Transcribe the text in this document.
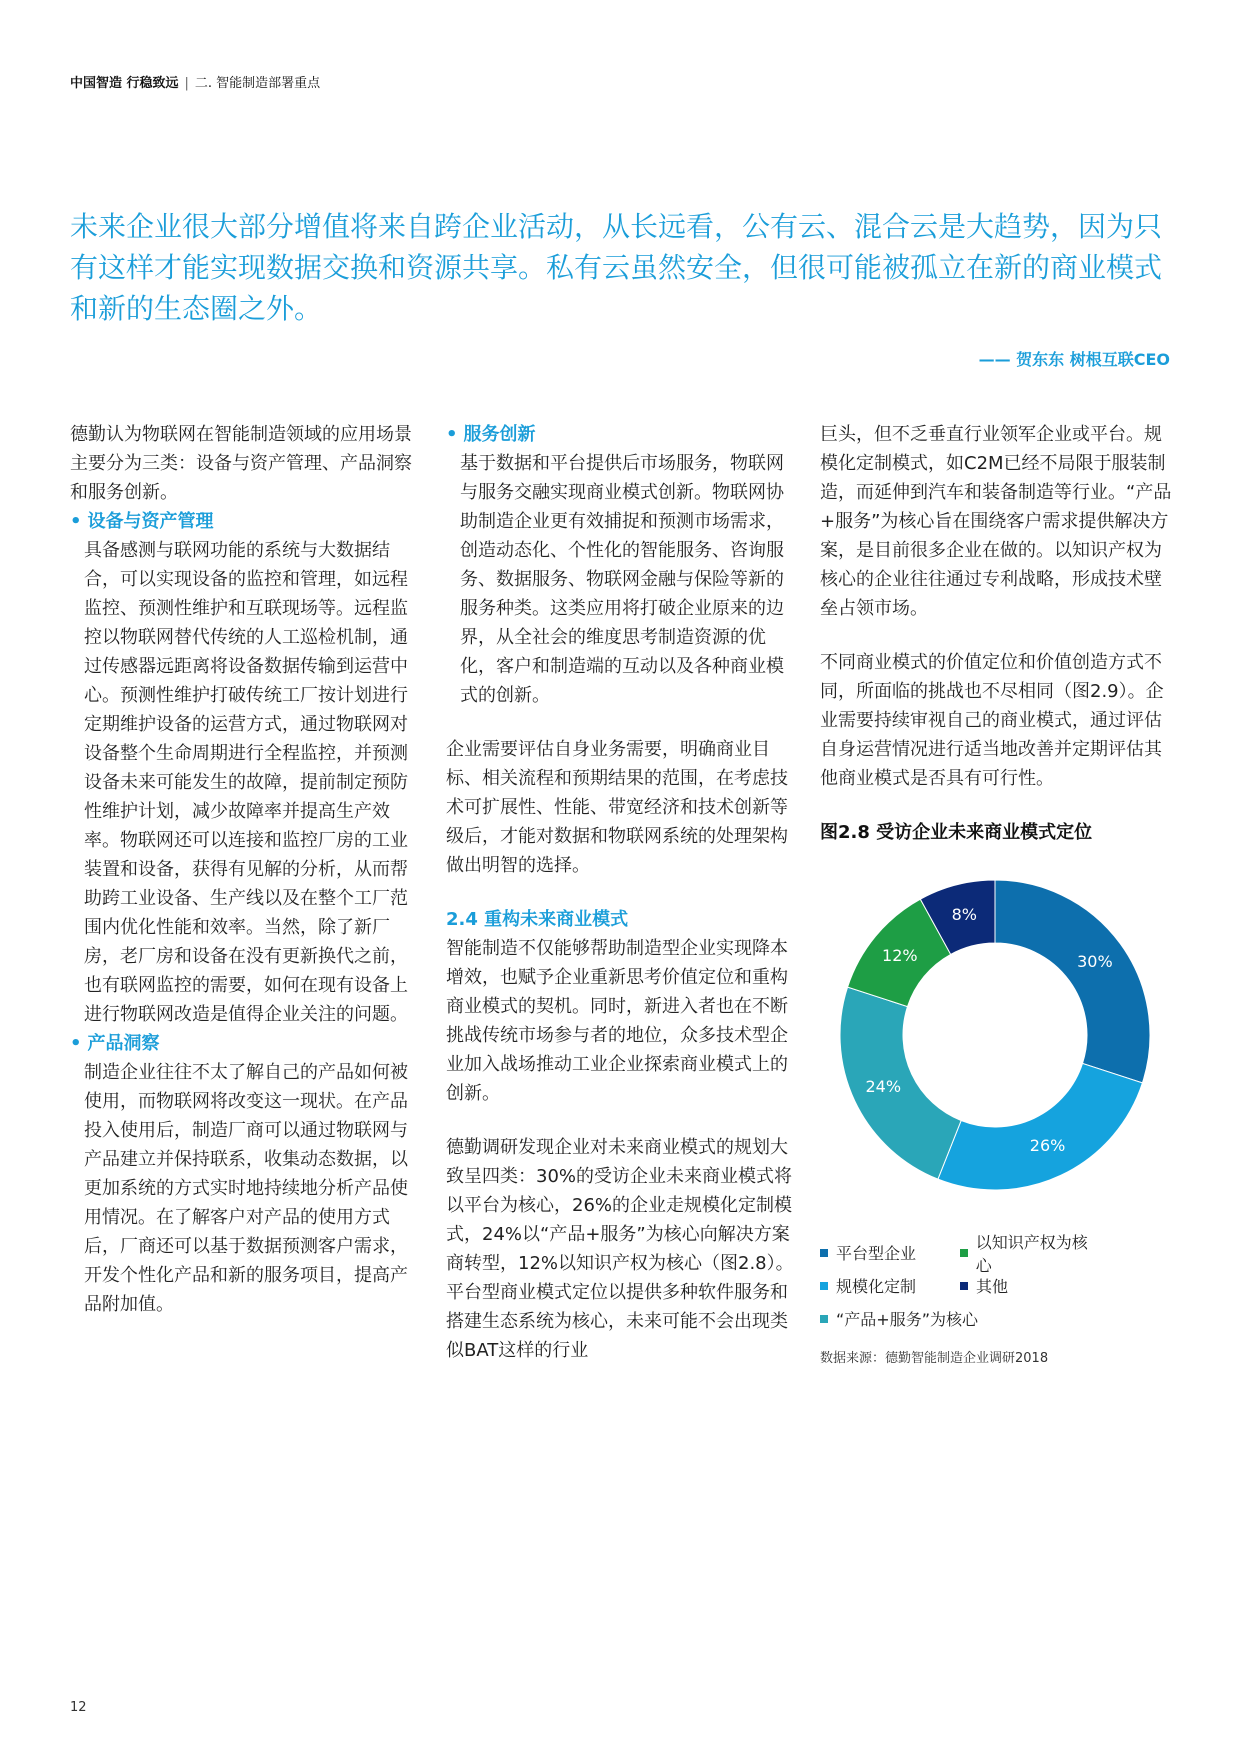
中国智造 行稳致远 | 二. 智能制造部署重点
未来企业很大部分增值将来自跨企业活动，从长远看，公有云、混合云是大趋势，因为只有这样才能实现数据交换和资源共享。私有云虽然安全，但很可能被孤立在新的商业模式和新的生态圈之外。
—— 贺东东 树根互联CEO

德勤认为物联网在智能制造领域的应用场景主要分为三类：设备与资产管理、产品洞察和服务创新。

• 设备与资产管理

具备感测与联网功能的系统与大数据结合，可以实现设备的监控和管理，如远程监控、预测性维护和互联现场等。远程监控以物联网替代传统的人工巡检机制，通过传感器远距离将设备数据传输到运营中心。预测性维护打破传统工厂按计划进行定期维护设备的运营方式，通过物联网对设备整个生命周期进行全程监控，并预测设备未来可能发生的故障，提前制定预防性维护计划，减少故障率并提高生产效率。物联网还可以连接和监控厂房的工业装置和设备，获得有见解的分析，从而帮助跨工业设备、生产线以及在整个工厂范围内优化性能和效率。当然，除了新厂房，老厂房和设备在没有更新换代之前，也有联网监控的需要，如何在现有设备上进行物联网改造是值得企业关注的问题。

• 产品洞察

制造企业往往不太了解自己的产品如何被使用，而物联网将改变这一现状。在产品投入使用后，制造厂商可以通过物联网与产品建立并保持联系，收集动态数据，以更加系统的方式实时地持续地分析产品使用情况。在了解客户对产品的使用方式后，厂商还可以基于数据预测客户需求，开发个性化产品和新的服务项目，提高产品附加值。

• 服务创新

基于数据和平台提供后市场服务，物联网与服务交融实现商业模式创新。物联网协助制造企业更有效捕捉和预测市场需求，创造动态化、个性化的智能服务、咨询服务、数据服务、物联网金融与保险等新的服务种类。这类应用将打破企业原来的边界，从全社会的维度思考制造资源的优化，客户和制造端的互动以及各种商业模式的创新。

企业需要评估自身业务需要，明确商业目标、相关流程和预期结果的范围，在考虑技术可扩展性、性能、带宽经济和技术创新等级后，才能对数据和物联网系统的处理架构做出明智的选择。

2.4 重构未来商业模式

智能制造不仅能够帮助制造型企业实现降本增效，也赋予企业重新思考价值定位和重构商业模式的契机。同时，新进入者也在不断挑战传统市场参与者的地位，众多技术型企业加入战场推动工业企业探索商业模式上的创新。

德勤调研发现企业对未来商业模式的规划大致呈四类：30%的受访企业未来商业模式将以平台为核心，26%的企业走规模化定制模式，24%以“产品+服务”为核心向解决方案商转型，12%以知识产权为核心（图2.8）。平台型商业模式定位以提供多种软件服务和搭建生态系统为核心，未来可能不会出现类似BAT这样的行业

巨头，但不乏垂直行业领军企业或平台。规模化定制模式，如C2M已经不局限于服装制造，而延伸到汽车和装备制造等行业。“产品+服务”为核心旨在围绕客户需求提供解决方案，是目前很多企业在做的。以知识产权为核心的企业往往通过专利战略，形成技术壁垒占领市场。

不同商业模式的价值定位和价值创造方式不同，所面临的挑战也不尽相同（图2.9）。企业需要持续审视自己的商业模式，通过评估自身运营情况进行适当地改善并定期评估其他商业模式是否具有可行性。

图2.8 受访企业未来商业模式定位
30%
26%
24%
12%
8%
平台型企业
以知识产权为核心
规模化定制	其他
“产品+服务”为核心
数据来源：德勤智能制造企业调研2018
12
